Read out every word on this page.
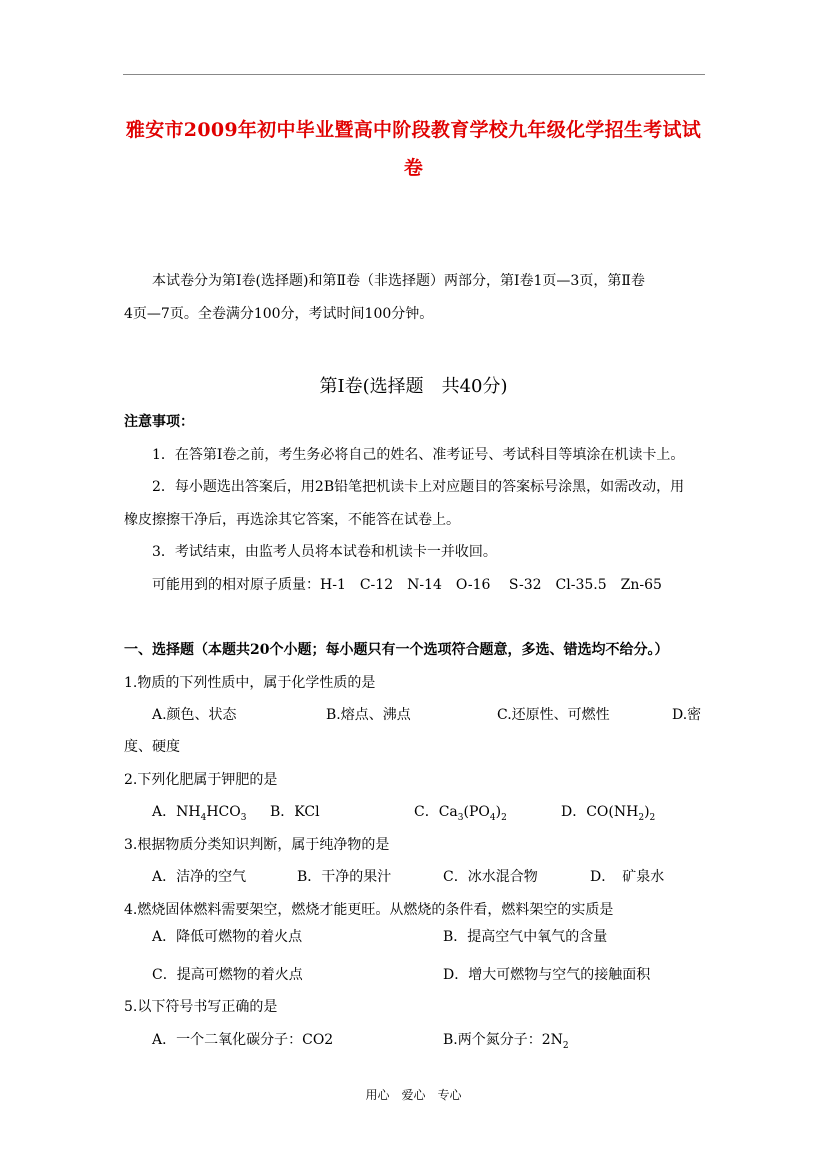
雅安市2009年初中毕业暨高中阶段教育学校九年级化学招生考试试
卷
本试卷分为第Ⅰ卷(选择题)和第Ⅱ卷（非选择题）两部分，第Ⅰ卷1页—3页，第Ⅱ卷
4页—7页。全卷满分100分，考试时间100分钟。
第Ⅰ卷(选择题　共40分)
注意事项：
1．在答第Ⅰ卷之前，考生务必将自己的姓名、准考证号、考试科目等填涂在机读卡上。
2．每小题选出答案后，用2B铅笔把机读卡上对应题目的答案标号涂黑，如需改动，用
橡皮擦擦干净后，再选涂其它答案，不能答在试卷上。
3．考试结束，由监考人员将本试卷和机读卡一并收回。
可能用到的相对原子质量：H-1　C-12　N-14　O-16　 S-32　Cl-35.5　Zn-65
一、选择题（本题共20个小题；每小题只有一个选项符合题意，多选、错选均不给分。）
1.物质的下列性质中，属于化学性质的是
A.颜色、状态	B.熔点、沸点	C.还原性、可燃性	D.密
度、硬度
2.下列化肥属于钾肥的是
A．$NH_4HCO_3$ B．KCl	C．$Ca_3(PO_4)_2$	D．$CO(NH_2)_2$
3.根据物质分类知识判断，属于纯净物的是
A．洁净的空气	B．干净的果汁	C．冰水混合物	D．　矿泉水
4.燃烧固体燃料需要架空，燃烧才能更旺。从燃烧的条件看，燃料架空的实质是
A．降低可燃物的着火点	B．提高空气中氧气的含量
C．提高可燃物的着火点	D．增大可燃物与空气的接触面积
5.以下符号书写正确的是
A．一个二氧化碳分子：CO2	B.两个氮分子：$2N_2$
用心　爱心　专心
